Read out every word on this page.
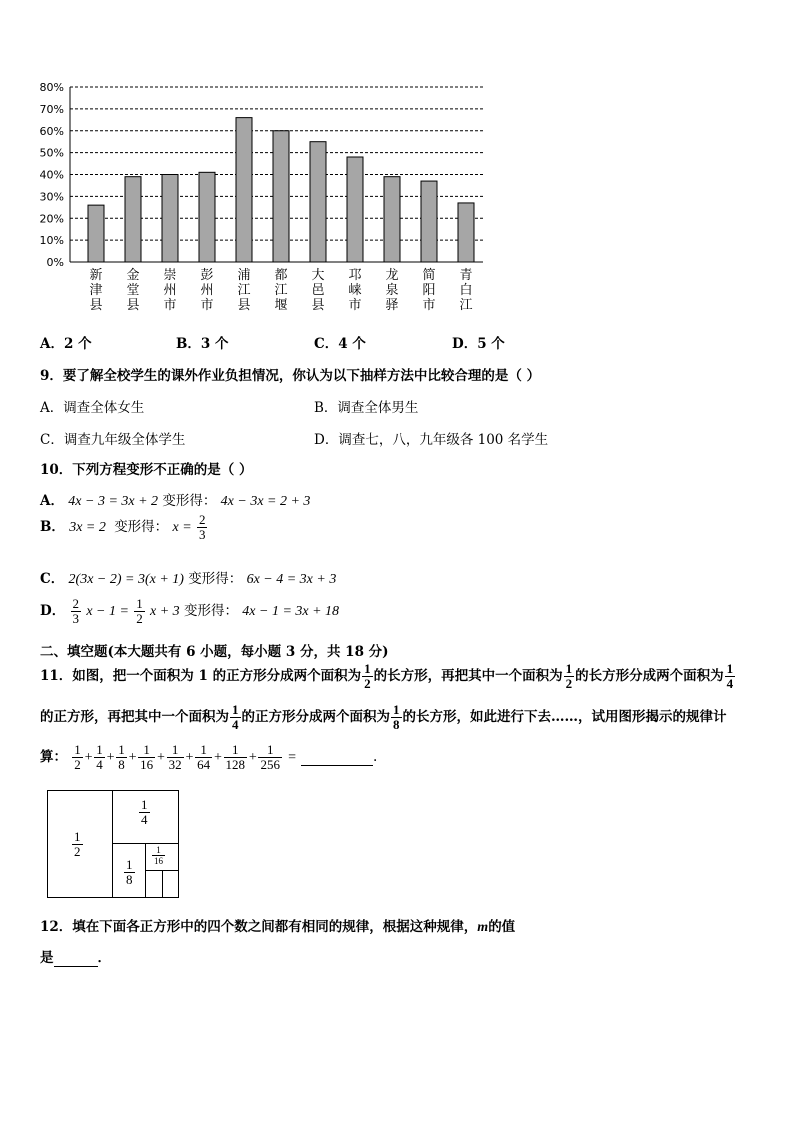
0%
10%
20%
30%
40%
50%
60%
70%
80%
新
津
县
金
堂
县
崇
州
市
彭
州
市
浦
江
县
都
江
堰
大
邑
县
邛
崃
市
龙
泉
驿
简
阳
市
青
白
江
A．2 个	B．3 个	C．4 个	D．5 个
9．要了解全校学生的课外作业负担情况，你认为以下抽样方法中比较合理的是（ ）
A．调查全体女生	B．调查全体男生
C．调查九年级全体学生	D．调查七，八，九年级各 100 名学生
10．下列方程变形不正确的是（ ）
A． 4x − 3 = 3x + 2 变形得： 4x − 3x = 2 + 3
B． 3x = 2 变形得： $x = \frac{2}{3}$
C． 2(3x − 2) = 3(x + 1) 变形得： 6x − 4 = 3x + 3
D． $\frac{2}{3}$ $x - 1 = \frac{1}{2}$ x + 3 变形得： 4x − 1 = 3x + 18
二、填空题(本大题共有 6 小题，每小题 3 分，共 18 分)
11．如图，把一个面积为 1 的正方形分成两个面积为 $\frac{1}{2}$ 的长方形，再把其中一个面积为 $\frac{1}{2}$ 的长方形分成两个面积为 $\frac{1}{4}$
的正方形，再把其中一个面积为 $\frac{1}{4}$ 的正方形分成两个面积为 $\frac{1}{8}$ 的长方形，如此进行下去……，试用图形揭示的规律计
算： $\frac{1}{2} + \frac{1}{4} + \frac{1}{8} + \frac{1}{16} + \frac{1}{32} + \frac{1}{64} + \frac{1}{128} + \frac{1}{256}$ =	.
$\frac{1}{2}$
$\frac{1}{4}$
$\frac{1}{8}$
$\frac{1}{16}$
12．填在下面各正方形中的四个数之间都有相同的规律，根据这种规律，m的值
是	．
